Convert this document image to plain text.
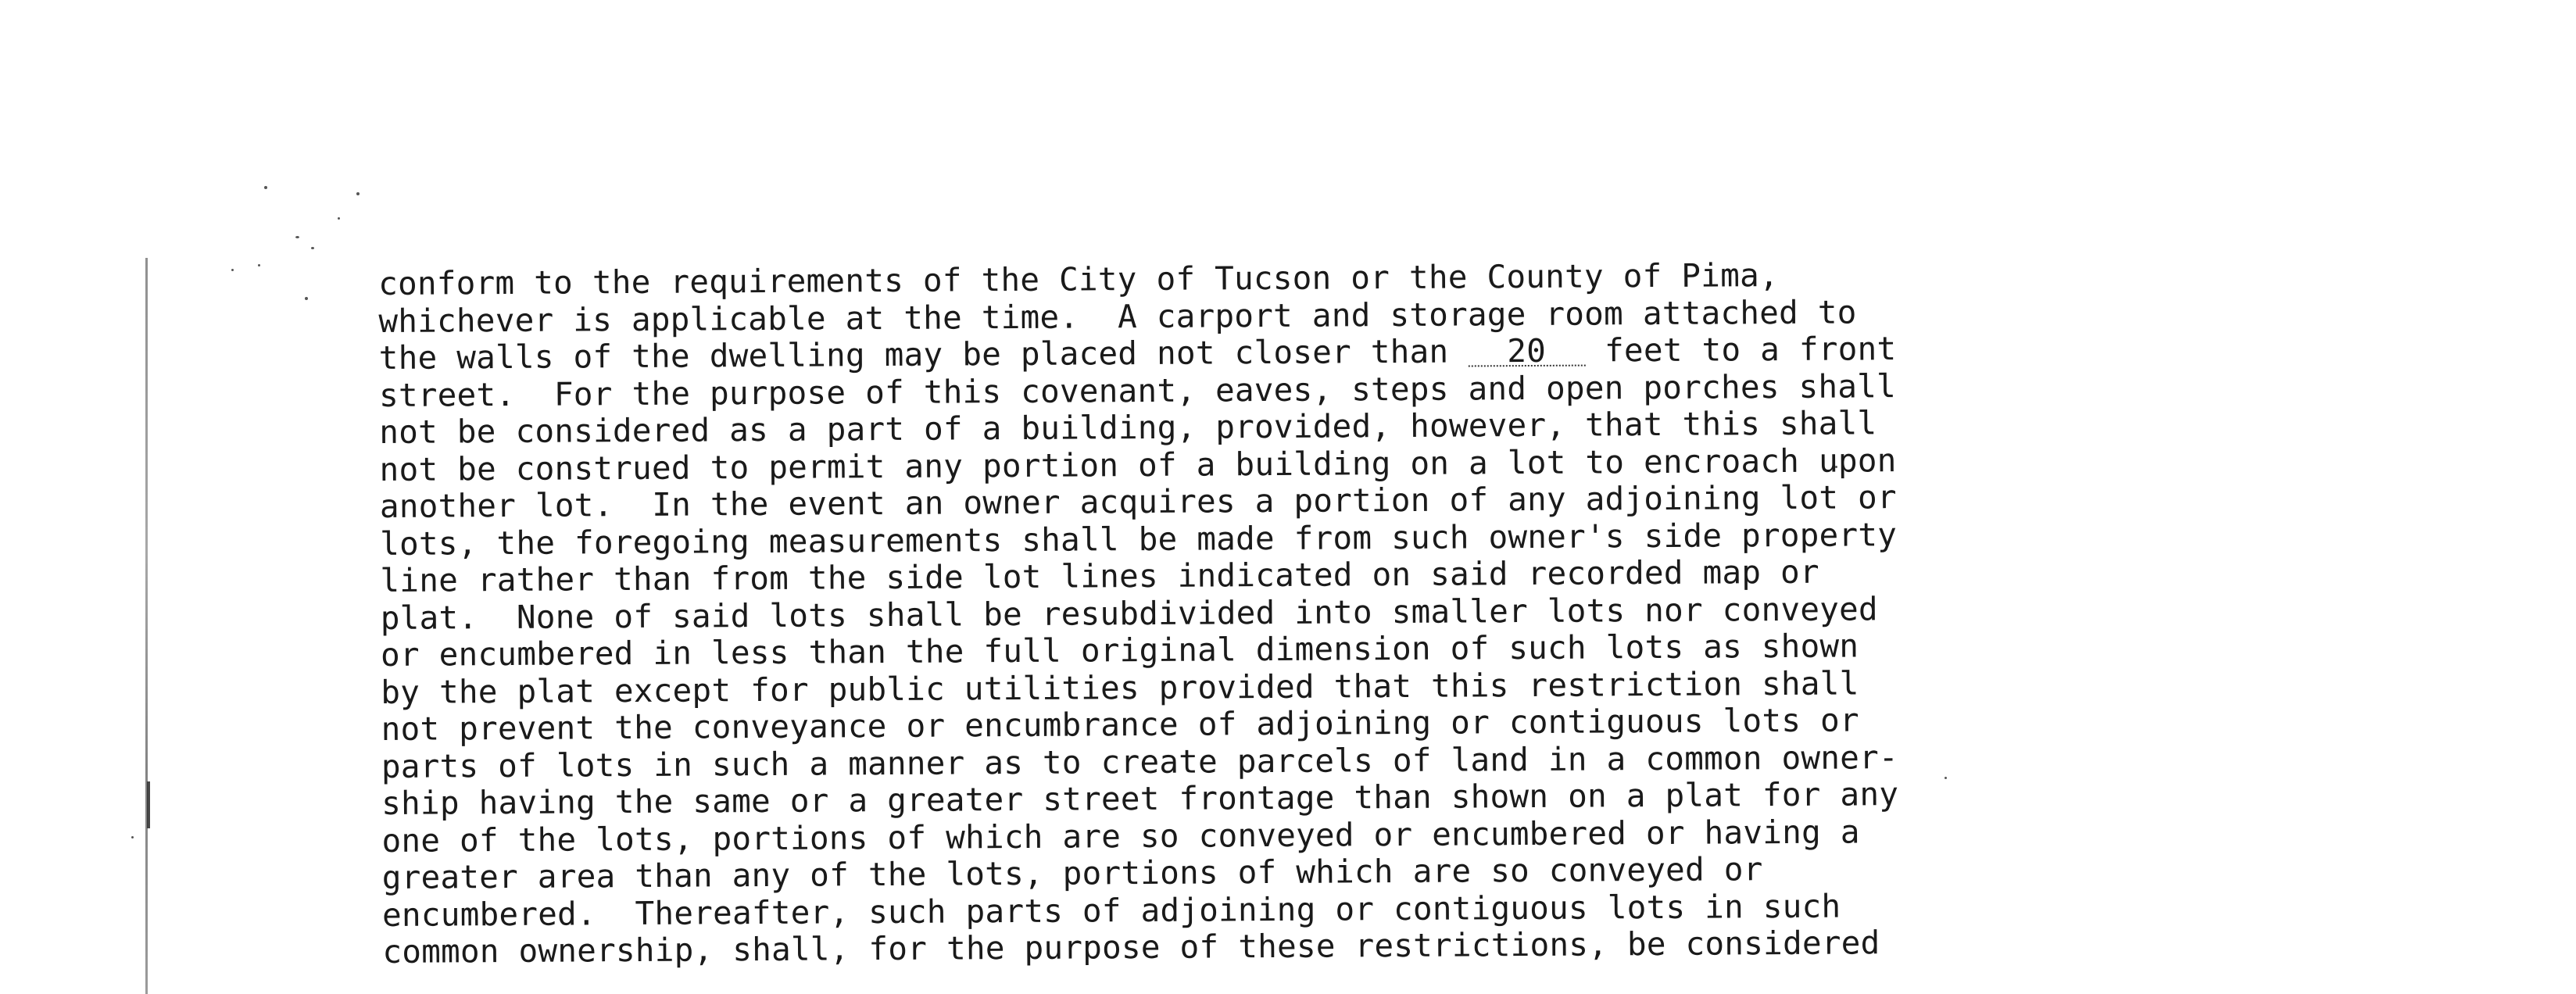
conform to the requirements of the City of Tucson or the County of Pima,
whichever is applicable at the time.  A carport and storage room attached to
the walls of the dwelling may be placed not closer than 20 feet to a front
street.  For the purpose of this covenant, eaves, steps and open porches shall
not be considered as a part of a building, provided, however, that this shall
not be construed to permit any portion of a building on a lot to encroach upon
another lot.  In the event an owner acquires a portion of any adjoining lot or
lots, the foregoing measurements shall be made from such owner's side property
line rather than from the side lot lines indicated on said recorded map or
plat.  None of said lots shall be resubdivided into smaller lots nor conveyed
or encumbered in less than the full original dimension of such lots as shown
by the plat except for public utilities provided that this restriction shall
not prevent the conveyance or encumbrance of adjoining or contiguous lots or
parts of lots in such a manner as to create parcels of land in a common owner-
ship having the same or a greater street frontage than shown on a plat for any
one of the lots, portions of which are so conveyed or encumbered or having a
greater area than any of the lots, portions of which are so conveyed or
encumbered.  Thereafter, such parts of adjoining or contiguous lots in such
common ownership, shall, for the purpose of these restrictions, be considered
